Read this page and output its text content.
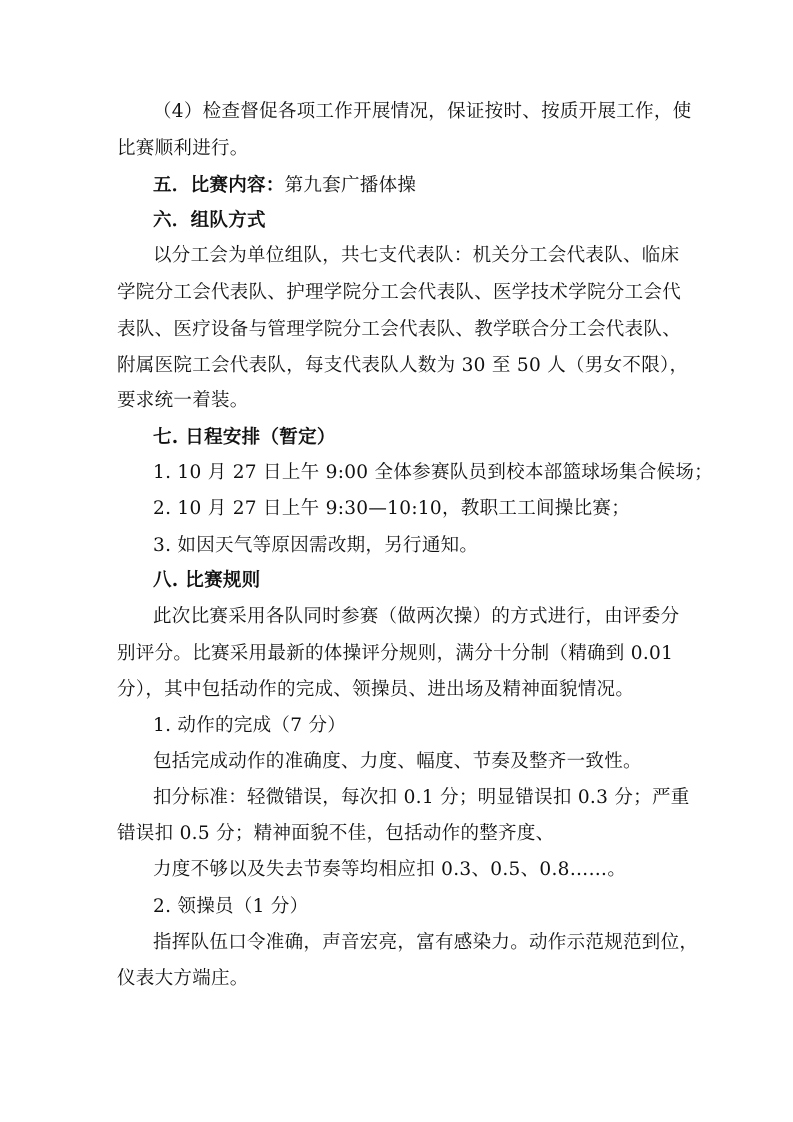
（4）检查督促各项工作开展情况，保证按时、按质开展工作，使
比赛顺利进行。
五．比赛内容：第九套广播体操
六．组队方式
以分工会为单位组队，共七支代表队：机关分工会代表队、临床
学院分工会代表队、护理学院分工会代表队、医学技术学院分工会代
表队、医疗设备与管理学院分工会代表队、教学联合分工会代表队、
附属医院工会代表队，每支代表队人数为 30 至 50 人（男女不限），
要求统一着装。
七. 日程安排（暂定）
1. 10 月 27 日上午 9:00 全体参赛队员到校本部篮球场集合候场；
2. 10 月 27 日上午 9:30—10:10，教职工工间操比赛；
3. 如因天气等原因需改期，另行通知。
八. 比赛规则
此次比赛采用各队同时参赛（做两次操）的方式进行，由评委分
别评分。比赛采用最新的体操评分规则，满分十分制（精确到 0.01
分），其中包括动作的完成、领操员、进出场及精神面貌情况。
1. 动作的完成（7 分）
包括完成动作的准确度、力度、幅度、节奏及整齐一致性。
扣分标准：轻微错误，每次扣 0.1 分；明显错误扣 0.3 分；严重
错误扣 0.5 分；精神面貌不佳，包括动作的整齐度、
力度不够以及失去节奏等均相应扣 0.3、0.5、0.8……。
2. 领操员（1 分）
指挥队伍口令准确，声音宏亮，富有感染力。动作示范规范到位，
仪表大方端庄。
